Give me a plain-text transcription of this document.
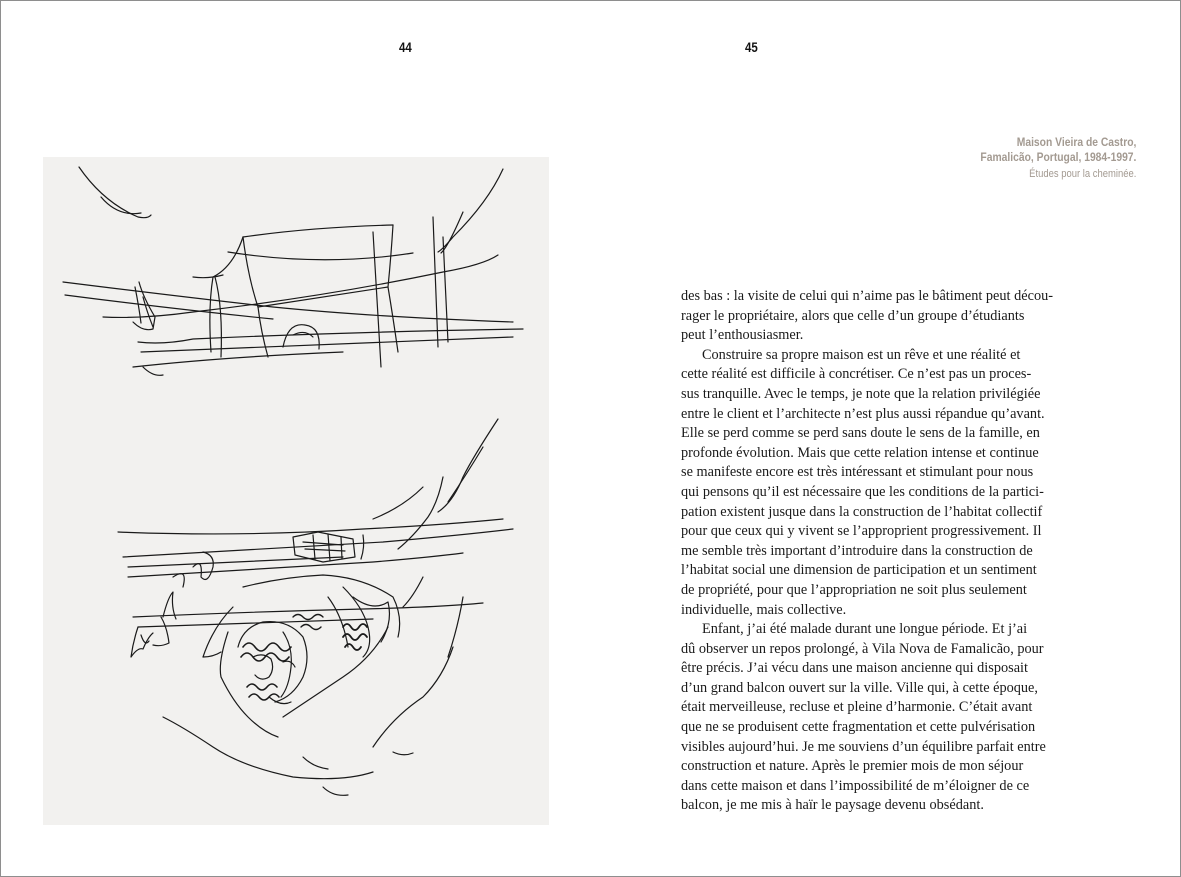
44	45
Maison Vieira de Castro,
Famalicão, Portugal, 1984-1997.
Études pour la cheminée.
des bas : la visite de celui qui n’aime pas le bâtiment peut décou-
rager le propriétaire, alors que celle d’un groupe d’étudiants
peut l’enthousiasmer.
Construire sa propre maison est un rêve et une réalité et
cette réalité est difficile à concrétiser. Ce n’est pas un proces-
sus tranquille. Avec le temps, je note que la relation privilégiée
entre le client et l’architecte n’est plus aussi répandue qu’avant.
Elle se perd comme se perd sans doute le sens de la famille, en
profonde évolution. Mais que cette relation intense et continue
se manifeste encore est très intéressant et stimulant pour nous
qui pensons qu’il est nécessaire que les conditions de la partici-
pation existent jusque dans la construction de l’habitat collectif
pour que ceux qui y vivent se l’approprient progressivement. Il
me semble très important d’introduire dans la construction de
l’habitat social une dimension de participation et un sentiment
de propriété, pour que l’appropriation ne soit plus seulement
individuelle, mais collective.
Enfant, j’ai été malade durant une longue période. Et j’ai
dû observer un repos prolongé, à Vila Nova de Famalicão, pour
être précis. J’ai vécu dans une maison ancienne qui disposait
d’un grand balcon ouvert sur la ville. Ville qui, à cette époque,
était merveilleuse, recluse et pleine d’harmonie. C’était avant
que ne se produisent cette fragmentation et cette pulvérisation
visibles aujourd’hui. Je me souviens d’un équilibre parfait entre
construction et nature. Après le premier mois de mon séjour
dans cette maison et dans l’impossibilité de m’éloigner de ce
balcon, je me mis à haïr le paysage devenu obsédant.
